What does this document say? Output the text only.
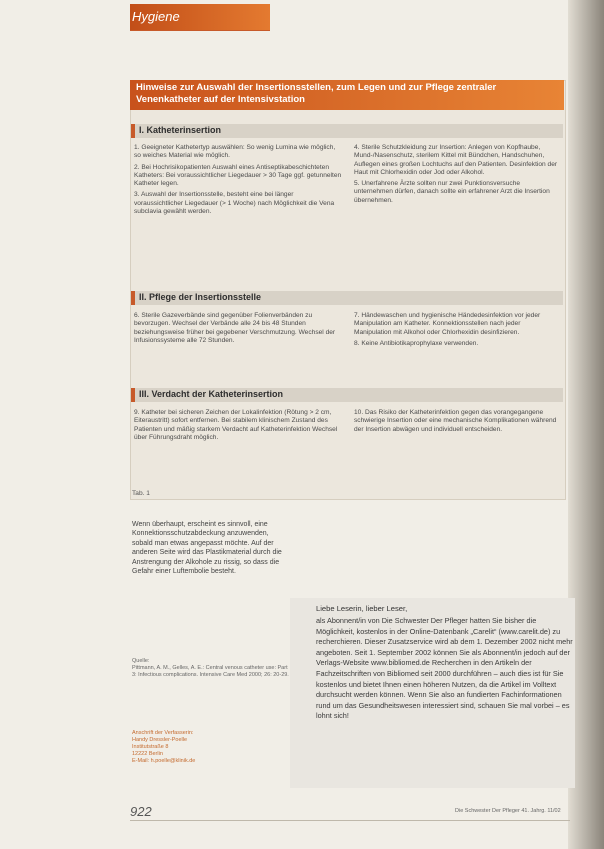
Hygiene
Hinweise zur Auswahl der Insertionsstellen, zum Legen und zur Pflege zentraler Venenkatheter auf der Intensivstation
I. Katheterinsertion

1. Geeigneter Kathetertyp auswählen: So wenig Lumina wie möglich, so weiches Material wie möglich.

2. Bei Hochrisikopatienten Auswahl eines Antiseptikabeschichteten Katheters: Bei voraussichtlicher Liegedauer > 30 Tage ggf. getunnelten Katheter legen.

3. Auswahl der Insertionsstelle, besteht eine bei länger voraussichtlicher Liegedauer (> 1 Woche) nach Möglichkeit die Vena subclavia gewählt werden.

4. Sterile Schutzkleidung zur Insertion: Anlegen von Kopfhaube, Mund-/Nasenschutz, sterilem Kittel mit Bündchen, Handschuhen, Auflegen eines großen Lochtuchs auf den Patienten. Desinfektion der Haut mit Chlorhexidin oder Jod oder Alkohol.

5. Unerfahrene Ärzte sollten nur zwei Punktionsversuche unternehmen dürfen, danach sollte ein erfahrener Arzt die Insertion übernehmen.

II. Pflege der Insertionsstelle

6. Sterile Gazeverbände sind gegenüber Folienverbänden zu bevorzugen. Wechsel der Verbände alle 24 bis 48 Stunden beziehungsweise früher bei gegebener Verschmutzung. Wechsel der Infusionssysteme alle 72 Stunden.

7. Händewaschen und hygienische Händedesinfektion vor jeder Manipulation am Katheter. Konnektionsstellen nach jeder Manipulation mit Alkohol oder Chlorhexidin desinfizieren.

8. Keine Antibiotikaprophylaxe verwenden.

III. Verdacht der Katheterinsertion

9. Katheter bei sicheren Zeichen der Lokalinfektion (Rötung > 2 cm, Eiteraustritt) sofort entfernen. Bei stabilem klinischem Zustand des Patienten und mäßig starkem Verdacht auf Katheterinfektion Wechsel über Führungsdraht möglich.

10. Das Risiko der Katheterinfektion gegen das vorangegangene schwierige Insertion oder eine mechanische Komplikationen während der Insertion abwägen und individuell entscheiden.

Tab. 1
Wenn überhaupt, erscheint es sinnvoll, eine Konnektionsschutzabdeckung anzuwenden, sobald man etwas angepasst möchte. Auf der anderen Seite wird das Plastikmaterial durch die Anstrengung der Alkohole zu rissig, so dass die Gefahr einer Luftembolie besteht.
Quelle:
Pittmann, A. M., Gelles, A. E.: Central venous catheter use: Part 3: Infectious complications. Intensive Care Med 2000; 26: 20-29.
Anschrift der Verfasserin:
Handy Dressler-Poelle
Institutstraße 8
12222 Berlin
E-Mail: h.poelle@klinik.de
Liebe Leserin, lieber Leser,
als Abonnent/in von Die Schwester Der Pfleger hatten Sie bisher die Möglichkeit, kostenlos in der Online-Datenbank „Carelit“ (www.carelit.de) zu recherchieren. Dieser Zusatzservice wird ab dem 1. Dezember 2002 nicht mehr angeboten. Seit 1. September 2002 können Sie als Abonnent/in jedoch auf der Verlags-Website www.bibliomed.de Recherchen in den Artikeln der Fachzeitschriften von Bibliomed seit 2000 durchführen – auch dies ist für Sie kostenlos und bietet Ihnen einen höheren Nutzen, da die Artikel im Volltext durchsucht werden können. Wenn Sie also an fundierten Fachinformationen rund um das Gesundheitswesen interessiert sind, schauen Sie mal vorbei – es lohnt sich!
922	Die Schwester Der Pfleger 41. Jahrg. 11/02
